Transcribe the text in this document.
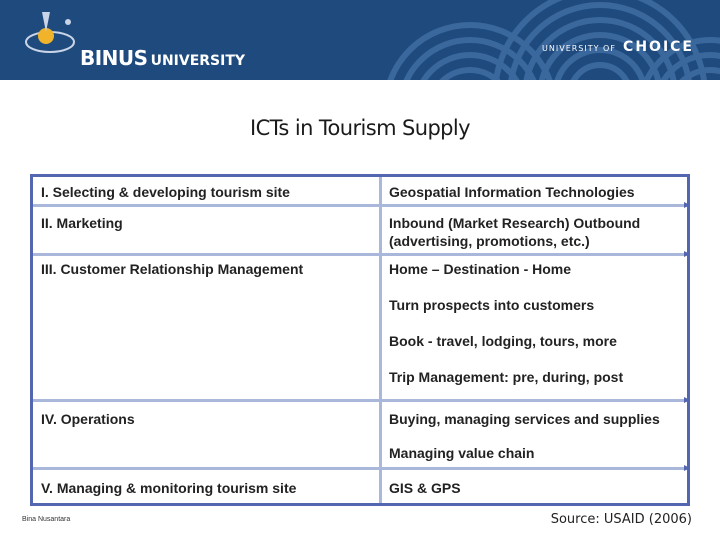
BINUS UNIVERSITY
UNIVERSITY OF CHOICE
ICTs in Tourism Supply
I. Selecting & developing tourism site	Geospatial Information Technologies
II. Marketing	Inbound (Market Research) Outbound
(advertising, promotions, etc.)
III. Customer Relationship Management	Home – Destination - Home
Turn prospects into customers
Book - travel, lodging, tours, more
Trip Management: pre, during, post
IV. Operations	Buying, managing services and supplies
Managing value chain
V. Managing & monitoring tourism site	GIS & GPS
Bina Nusantara	Source: USAID (2006)
